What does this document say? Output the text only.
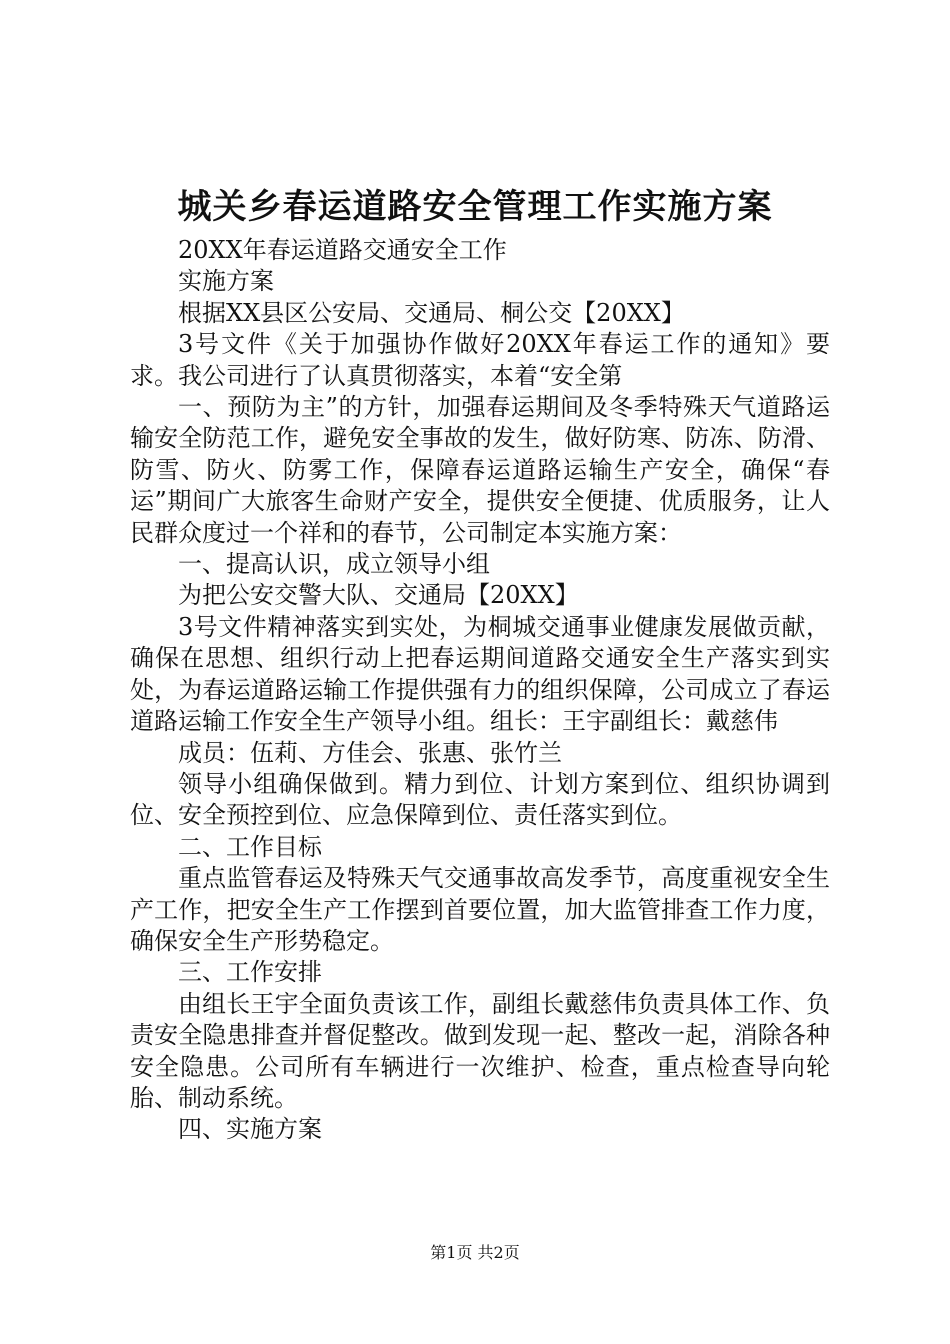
城关乡春运道路安全管理工作实施方案

20XX年春运道路交通安全工作

实施方案

根据XX县区公安局、交通局、桐公交【20XX】

3号文件《关于加强协作做好20XX年春运工作的通知》要求。我公司进行了认真贯彻落实，本着“安全第

一、预防为主”的方针，加强春运期间及冬季特殊天气道路运输安全防范工作，避免安全事故的发生，做好防寒、防冻、防滑、防雪、防火、防雾工作，保障春运道路运输生产安全，确保“春运”期间广大旅客生命财产安全，提供安全便捷、优质服务，让人民群众度过一个祥和的春节，公司制定本实施方案：

一、提高认识，成立领导小组

为把公安交警大队、交通局【20XX】

3号文件精神落实到实处，为桐城交通事业健康发展做贡献，确保在思想、组织行动上把春运期间道路交通安全生产落实到实处，为春运道路运输工作提供强有力的组织保障，公司成立了春运道路运输工作安全生产领导小组。组长：王宇副组长：戴慈伟

成员：伍莉、方佳会、张惠、张竹兰

领导小组确保做到。精力到位、计划方案到位、组织协调到位、安全预控到位、应急保障到位、责任落实到位。

二、工作目标

重点监管春运及特殊天气交通事故高发季节，高度重视安全生产工作，把安全生产工作摆到首要位置，加大监管排查工作力度，确保安全生产形势稳定。

三、工作安排

由组长王宇全面负责该工作，副组长戴慈伟负责具体工作、负责安全隐患排查并督促整改。做到发现一起、整改一起，消除各种安全隐患。公司所有车辆进行一次维护、检查，重点检查导向轮胎、制动系统。

四、实施方案

第1页 共2页
